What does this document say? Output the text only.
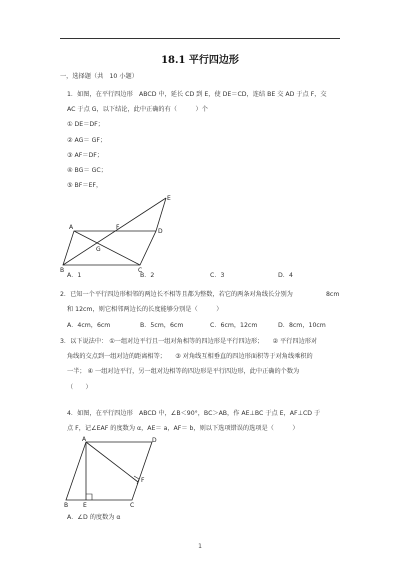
18.1 平行四边形
一，选择题（共　10 小题）
1．如图，在平行四边形　ABCD 中，延长 CD 到 E，使 DE＝CD，连结 BE 交 AD 于点 F，交
AC 于点 G，以下结论，此中正确的有（　　　）个
① DE＝DF；
② AG＝ GF；
③ AF＝DF；
④ BG＝ GC；
⑤ BF＝EF，
A
D
E
F
G
B	C
A．1	B．2	C．3	D．4
2．已知一个平行四边形相邻的两边长不相等且都为整数，若它的两条对角线长分别为	8cm
和 12cm，则它相邻两边长的长度能够分别是（　　　）
A．4cm，6cm	B．5cm，6cm	C．6cm，12cm	D．8cm，10cm
3．以下说法中： ①一组对边平行且一组对角相等的四边形是平行四边形；　　② 平行四边形对
角线的交点到一组对边的距离相等；　　③ 对角线互相垂直的四边形面积等于对角线乘积的
一半； ④ 一组对边平行，另一组对边相等的四边形是平行四边形，此中正确的个数为
（　　）
4．如图，在平行四边形　ABCD 中，∠B＜90°，BC＞AB，作 AE⊥BC 于点 E，AF⊥CD 于
点 F，记∠EAF 的度数为 α，AE＝ a，AF＝ b，则以下选项错误的选项是（　　　）
A	D
F
B E	C
A．∠D 的度数为 α
1
